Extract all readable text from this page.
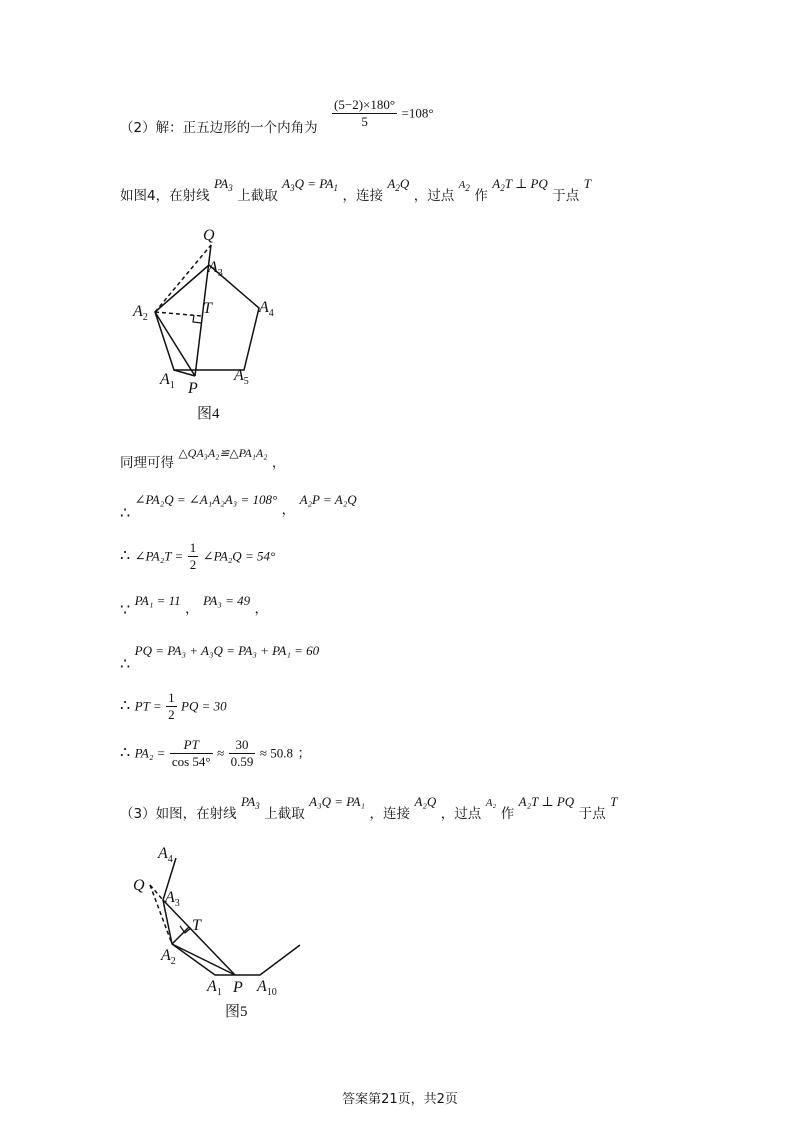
（2）解：正五边形的一个内角为 $\frac{(5-2)\times 180^\circ}{5} =108^\circ$
如图4，在射线 $PA_3$ 上截取 $A_3Q = PA_1$ ，连接 $A_2Q$ ，过点 $A_2$ 作 $A_2T$ ⊥ PQ 于点 T
Q
$A_3$
$A_2$
T	$A_4$
$A_1$ P
$A_5$
图4
同理可得 △QA₃A₂≌△PA₁A₂ ，
∴ ∠PA₂Q = ∠A₁A₂A₃ = 108° ， A₂P = A₂Q
∴ ∠PA₂T = $\frac{1}{2}$ ∠PA₂Q = 54°
∵ PA₁ = 11 ， PA₃ = 49 ，
∴ PQ = PA₃ + A₃Q = PA₃ + PA₁ = 60
∴ PT = $\frac{1}{2}$ PQ = 30
∴ $PA_2 = \frac{PT}{\cos 54^\circ} \approx \frac{30}{0.59} \approx 50.8$ ；
（3）如图，在射线 $PA_3$ 上截取 A₃Q = PA₁ ，连接 A₂Q ，过点 A₂ 作 A₂T ⊥ PQ 于点 T
$A_4$
Q
$A_3$
T
$A_2$
$A_1$ P $A_{10}$
图5
答案第21页，共2页
